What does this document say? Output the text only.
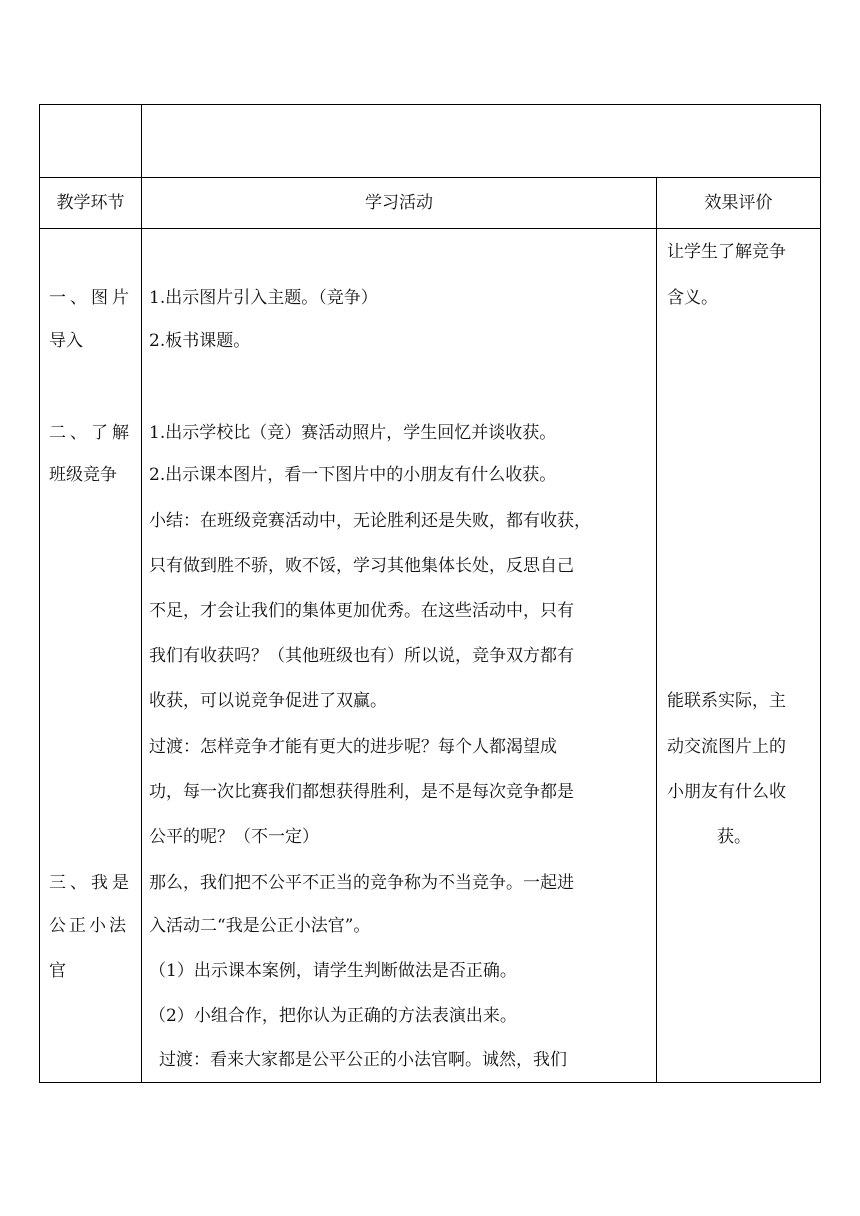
教学环节	学习活动	效果评价
一、图片
导入
二、了解
班级竞争
三、我是
公正小法
官
1.出示图片引入主题。（竞争）
2.板书课题。
1.出示学校比（竞）赛活动照片，学生回忆并谈收获。
2.出示课本图片，看一下图片中的小朋友有什么收获。
小结：在班级竞赛活动中，无论胜利还是失败，都有收获，
只有做到胜不骄，败不馁，学习其他集体长处，反思自己
不足，才会让我们的集体更加优秀。在这些活动中，只有
我们有收获吗？（其他班级也有）所以说，竞争双方都有
收获，可以说竞争促进了双赢。
过渡：怎样竞争才能有更大的进步呢？每个人都渴望成
功，每一次比赛我们都想获得胜利，是不是每次竞争都是
公平的呢？（不一定）
那么，我们把不公平不正当的竞争称为不当竞争。一起进
入活动二“我是公正小法官”。
（1）出示课本案例，请学生判断做法是否正确。
（2）小组合作，把你认为正确的方法表演出来。
过渡：看来大家都是公平公正的小法官啊。诚然，我们
让学生了解竞争
含义。
能联系实际，主
动交流图片上的
小朋友有什么收
获。
